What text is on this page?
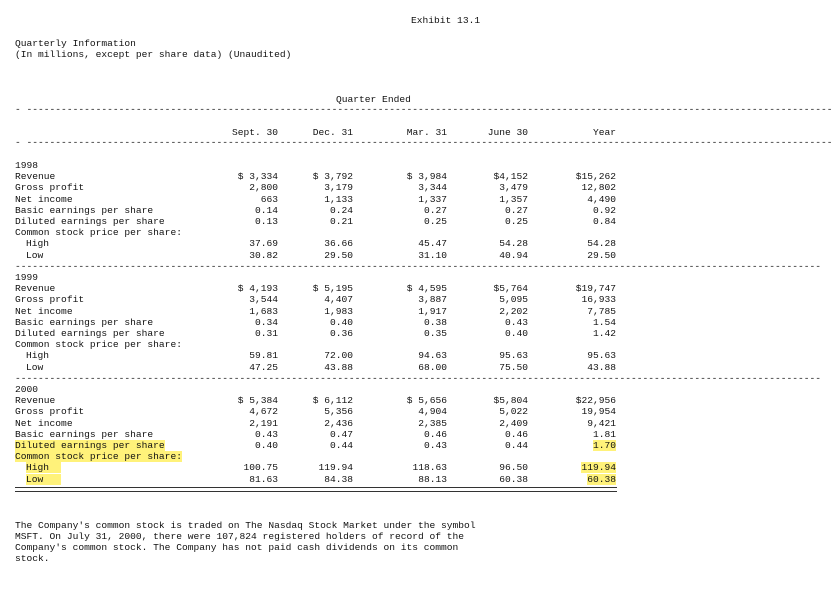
Exhibit 13.1
Quarterly Information
(In millions, except per share data) (Unaudited)
- --------------------------------------------------------------------------------------------------------------------------------------------
Quarter Ended
Sept. 30	Dec. 31	Mar. 31	June 30	Year
- --------------------------------------------------------------------------------------------------------------------------------------------
1998
Revenue	$ 3,334	$ 3,792	$ 3,984	$4,152	$15,262
Gross profit	2,800	3,179	3,344	3,479	12,802
Net income	663	1,133	1,337	1,357	4,490
Basic earnings per share	0.14	0.24	0.27	0.27	0.92
Diluted earnings per share	0.13	0.21	0.25	0.25	0.84
Common stock price per share:
High	37.69	36.66	45.47	54.28	54.28
Low	30.82	29.50	31.10	40.94	29.50
--------------------------------------------------------------------------------------------------------------------------------------------
1999
Revenue	$ 4,193	$ 5,195	$ 4,595	$5,764	$19,747
Gross profit	3,544	4,407	3,887	5,095	16,933
Net income	1,683	1,983	1,917	2,202	7,785
Basic earnings per share	0.34	0.40	0.38	0.43	1.54
Diluted earnings per share	0.31	0.36	0.35	0.40	1.42
Common stock price per share:
High	59.81	72.00	94.63	95.63	95.63
Low	47.25	43.88	68.00	75.50	43.88
--------------------------------------------------------------------------------------------------------------------------------------------
2000
Revenue	$ 5,384	$ 6,112	$ 5,656	$5,804	$22,956
Gross profit	4,672	5,356	4,904	5,022	19,954
Net income	2,191	2,436	2,385	2,409	9,421
Basic earnings per share	0.43	0.47	0.46	0.46	1.81
Diluted earnings per share	0.40	0.44	0.43	0.44	1.70
Common stock price per share:
High	100.75	119.94	118.63	96.50	119.94
Low	81.63	84.38	88.13	60.38	60.38
The Company's common stock is traded on The Nasdaq Stock Market under the symbol
MSFT. On July 31, 2000, there were 107,824 registered holders of record of the
Company's common stock. The Company has not paid cash dividends on its common
stock.
